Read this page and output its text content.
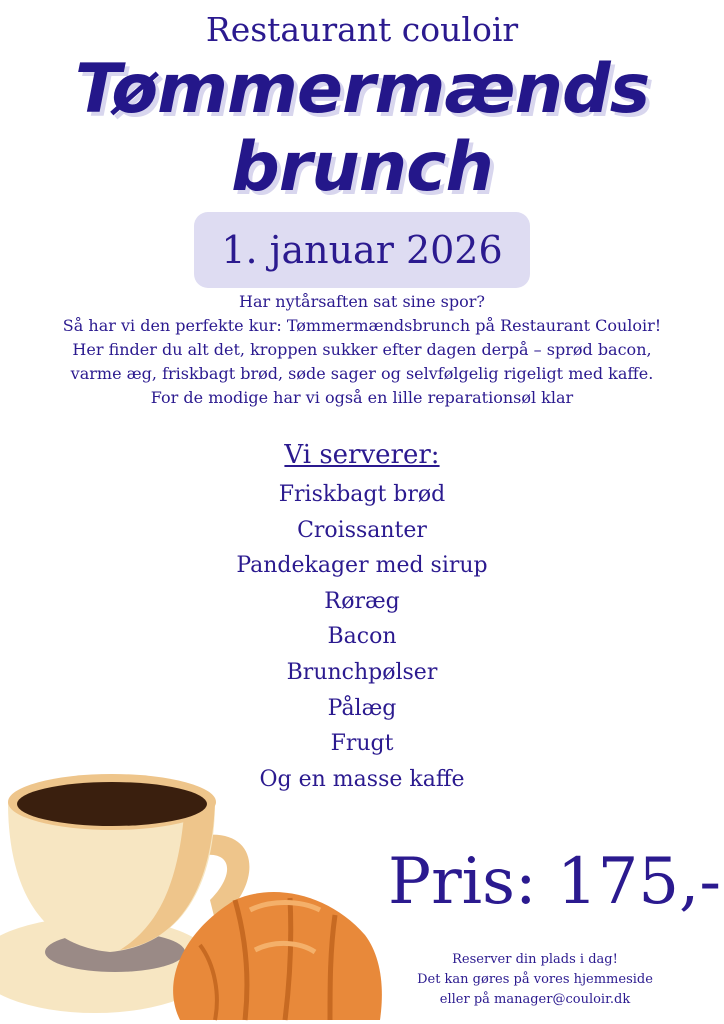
Restaurant couloir
Tømmermænds
brunch
1. januar 2026
Har nytårsaften sat sine spor?
Så har vi den perfekte kur: Tømmermændsbrunch på Restaurant Couloir!
Her finder du alt det, kroppen sukker efter dagen derpå – sprød bacon,
varme æg, friskbagt brød, søde sager og selvfølgelig rigeligt med kaffe.
For de modige har vi også en lille reparationsøl klar
Vi serverer:
Friskbagt brød
Croissanter
Pandekager med sirup
Røræg
Bacon
Brunchpølser
Pålæg
Frugt
Og en masse kaffe
Pris: 175,-
Reserver din plads i dag!
Det kan gøres på vores hjemmeside
eller på manager@couloir.dk
